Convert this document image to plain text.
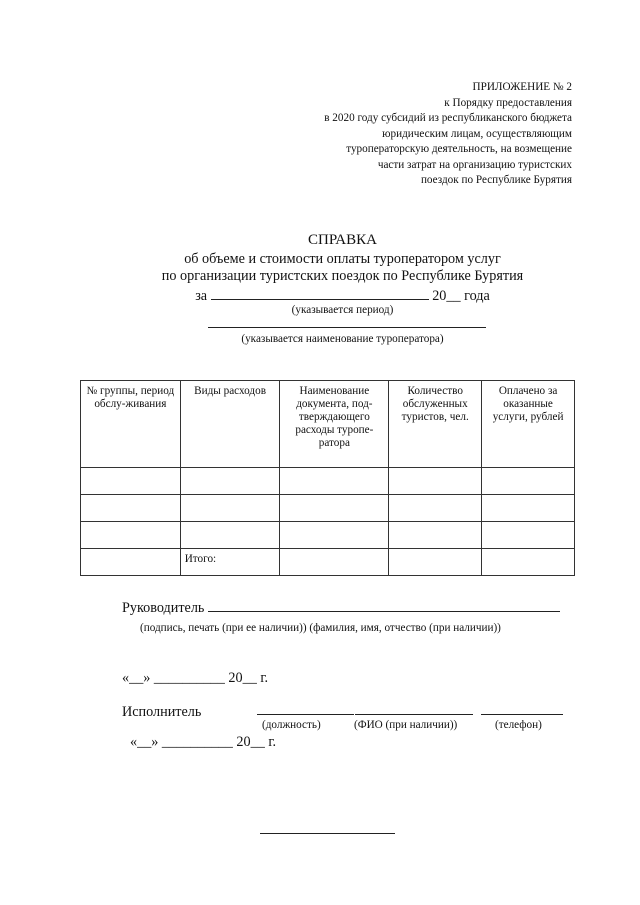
ПРИЛОЖЕНИЕ № 2
к Порядку предоставления
в 2020 году субсидий из республиканского бюджета
юридическим лицам, осуществляющим
туроператорскую деятельность, на возмещение
части затрат на организацию туристских
поездок по Республике Бурятия
СПРАВКА
об объеме и стоимости оплаты туроператором услуг
по организации туристских поездок по Республике Бурятия
за	20__ года
(указывается период)
(указывается наименование туроператора)
№ группы, период обслу-живания	Виды расходов	Наименование документа, под-тверждающего расходы туропе-ратора	Количество обслуженных туристов, чел.	Оплачено за оказанные услуги, рублей

	Итого:			
Руководитель
(подпись, печать (при ее наличии)) (фамилия, имя, отчество (при наличии))
«__» __________ 20__ г.
Исполнитель
(должность)	(ФИО (при наличии))	(телефон)
«__» __________ 20__ г.
